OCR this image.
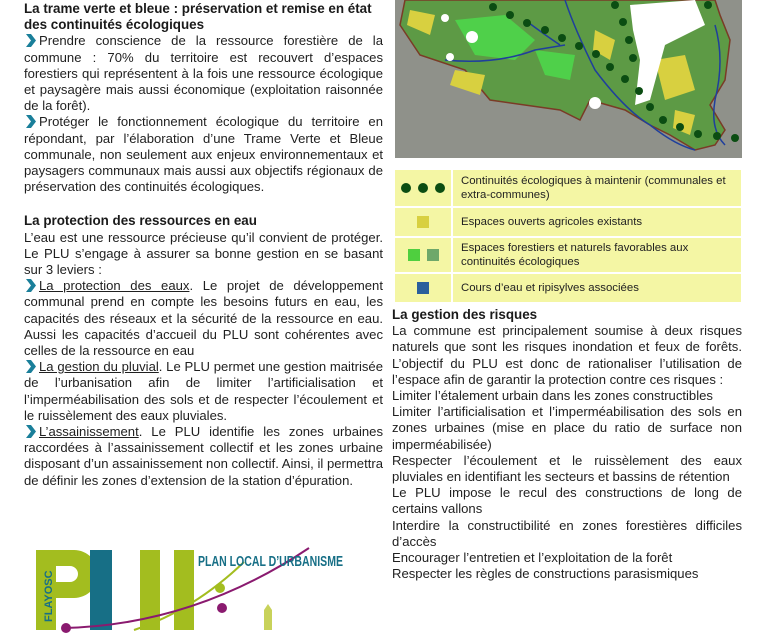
La trame verte et bleue : préservation et remise en état des continuités écologiques

Prendre conscience de la ressource forestière de la commune : 70% du territoire est recouvert d’espaces forestiers qui représentent à la fois une ressource écologique et paysagère mais aussi économique (exploitation raisonnée de la forêt).

Protéger le fonctionnement écologique du territoire en répondant, par l’élaboration d’une Trame Verte et Bleue communale, non seulement aux enjeux environnementaux et paysagers communaux mais aussi aux objectifs régionaux de préservation des continuités écologiques.

La protection des ressources en eau

L’eau est une ressource précieuse qu’il convient de protéger. Le PLU s’engage à assurer sa bonne gestion en se basant sur 3 leviers :

La protection des eaux. Le projet de développement communal prend en compte les besoins futurs en eau, les capacités des réseaux et la sécurité de la ressource en eau. Aussi les capacités d’accueil du PLU sont cohérentes avec celles de la ressource en eau

La gestion du pluvial. Le PLU permet une gestion maitrisée de l’urbanisation afin de limiter l’artificialisation et l’imperméabilisation des sols et de respecter l’écoulement et le ruissèlement des eaux pluviales.

L’assainissement. Le PLU identifie les zones urbaines raccordées à l’assainissement collectif et les zones urbaine disposant d’un assainissement non collectif. Ainsi, il permettra de définir les zones d’extension de la station d’épuration.

FLAYOSC
PLAN LOCAL D’URBANISME
Continuités écologiques à maintenir (communales et extra-communes)
Espaces ouverts agricoles existants
Espaces forestiers et naturels favorables aux continuités écologiques
Cours d’eau et ripisylves associées
La gestion des risques

La commune est principalement soumise à deux risques naturels que sont les risques inondation et feux de forêts. L’objectif du PLU est donc de rationaliser l’utilisation de l’espace afin de garantir la protection contre ces risques :

Limiter l’étalement urbain dans les zones constructibles

Limiter l’artificialisation et l’imperméabilisation des sols en zones urbaines (mise en place du ratio de surface non imperméabilisée)

Respecter l’écoulement et le ruissèlement des eaux pluviales en identifiant les secteurs et bassins de rétention

Le PLU impose le recul des constructions de long de certains vallons

Interdire la constructibilité en zones forestières difficiles d’accès

Encourager l’entretien et l’exploitation de la forêt

Respecter les règles de constructions parasismiques
